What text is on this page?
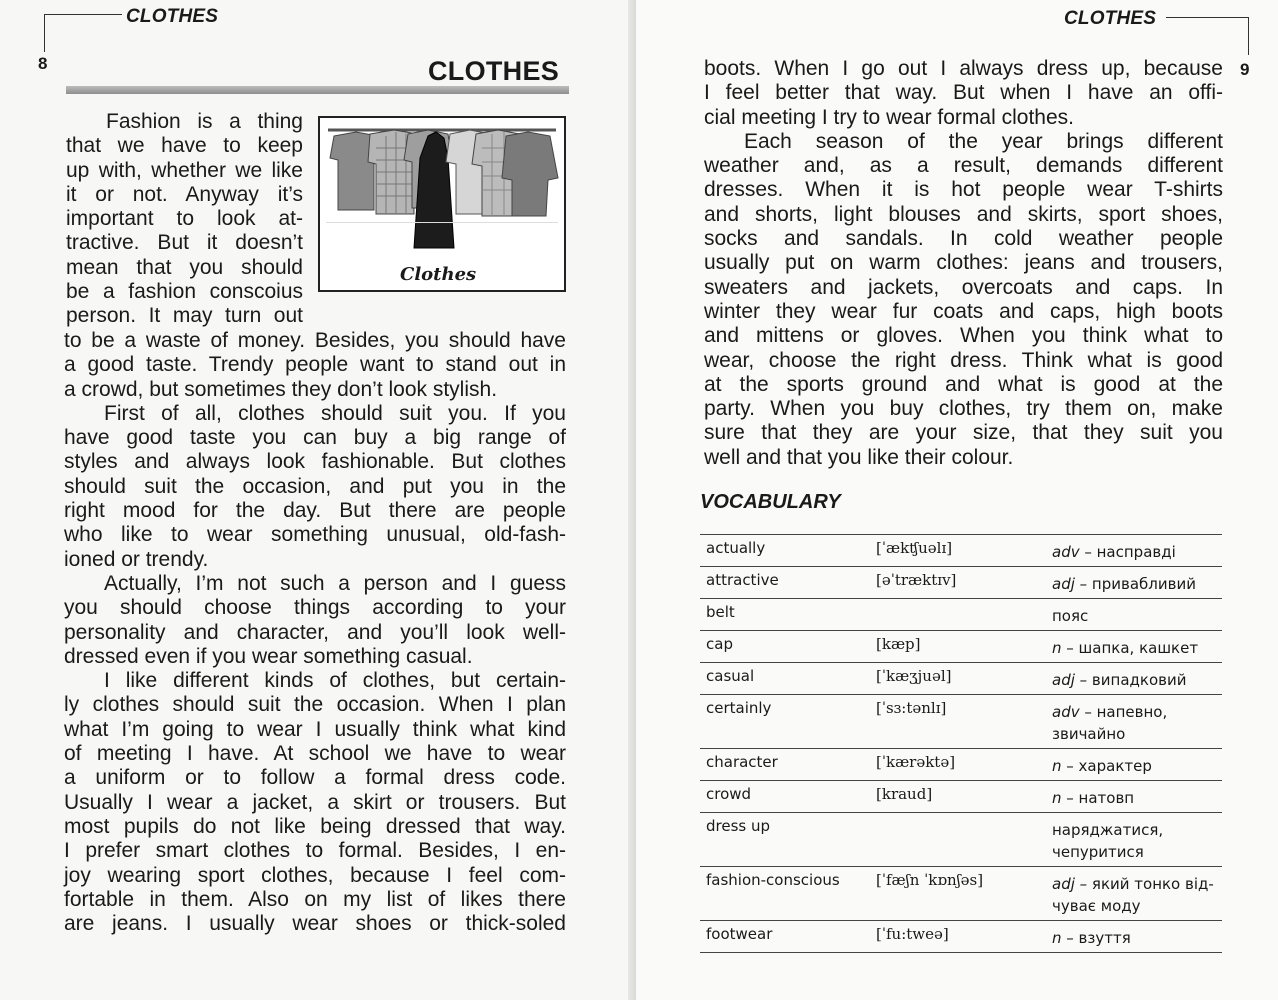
CLOTHES
8	CLOTHES
Clothes
Fashion is a thing
that we have to keep
up with, whether we like
it or not. Anyway it’s
important to look at-
tractive. But it doesn’t
mean that you should
be a fashion conscoius
person. It may turn out
to be a waste of money. Besides, you should have
a good taste. Trendy people want to stand out in
a crowd, but sometimes they don’t look stylish.
First of all, clothes should suit you. If you
have good taste you can buy a big range of
styles and always look fashionable. But clothes
should suit the occasion, and put you in the
right mood for the day. But there are people
who like to wear something unusual, old-fash-
ioned or trendy.
Actually, I’m not such a person and I guess
you should choose things according to your
personality and character, and you’ll look well-
dressed even if you wear something casual.
I like different kinds of clothes, but certain-
ly clothes should suit the occasion. When I plan
what I’m going to wear I usually think what kind
of meeting I have. At school we have to wear
a uniform or to follow a formal dress code.
Usually I wear a jacket, a skirt or trousers. But
most pupils do not like being dressed that way.
I prefer smart clothes to formal. Besides, I en-
joy wearing sport clothes, because I feel com-
fortable in them. Also on my list of likes there
are jeans. I usually wear shoes or thick-soled
CLOTHES
9
boots. When I go out I always dress up, because
I feel better that way. But when I have an offi-
cial meeting I try to wear formal clothes.
Each season of the year brings different
weather and, as a result, demands different
dresses. When it is hot people wear T-shirts
and shorts, light blouses and skirts, sport shoes,
socks and sandals. In cold weather people
usually put on warm clothes: jeans and trousers,
sweaters and jackets, overcoats and caps. In
winter they wear fur coats and caps, high boots
and mittens or gloves. When you think what to
wear, choose the right dress. Think what is good
at the sports ground and what is good at the
party. When you buy clothes, try them on, make
sure that they are your size, that they suit you
well and that you like their colour.
VOCABULARY
actually	[ˈækʧuəlɪ]	adv – насправді
attractive	[əˈtræktɪv]	adj – привабливий
belt		пояс
cap	[kæp]	n – шапка, кашкет
casual	[ˈkæʒjuəl]	adj – випадковий
certainly	[ˈsɜ:tənlɪ]	adv – напевно,
звичайно
character	[ˈkærəktə]	n – характер
crowd	[kraud]	n – натовп
dress up		наряджатися,
чепуритися
fashion-conscious	[ˈfæʃn ˈkɒnʃəs]	adj – який тонко від-
чуває моду
footwear	[ˈfu:tweə]	n – взуття
